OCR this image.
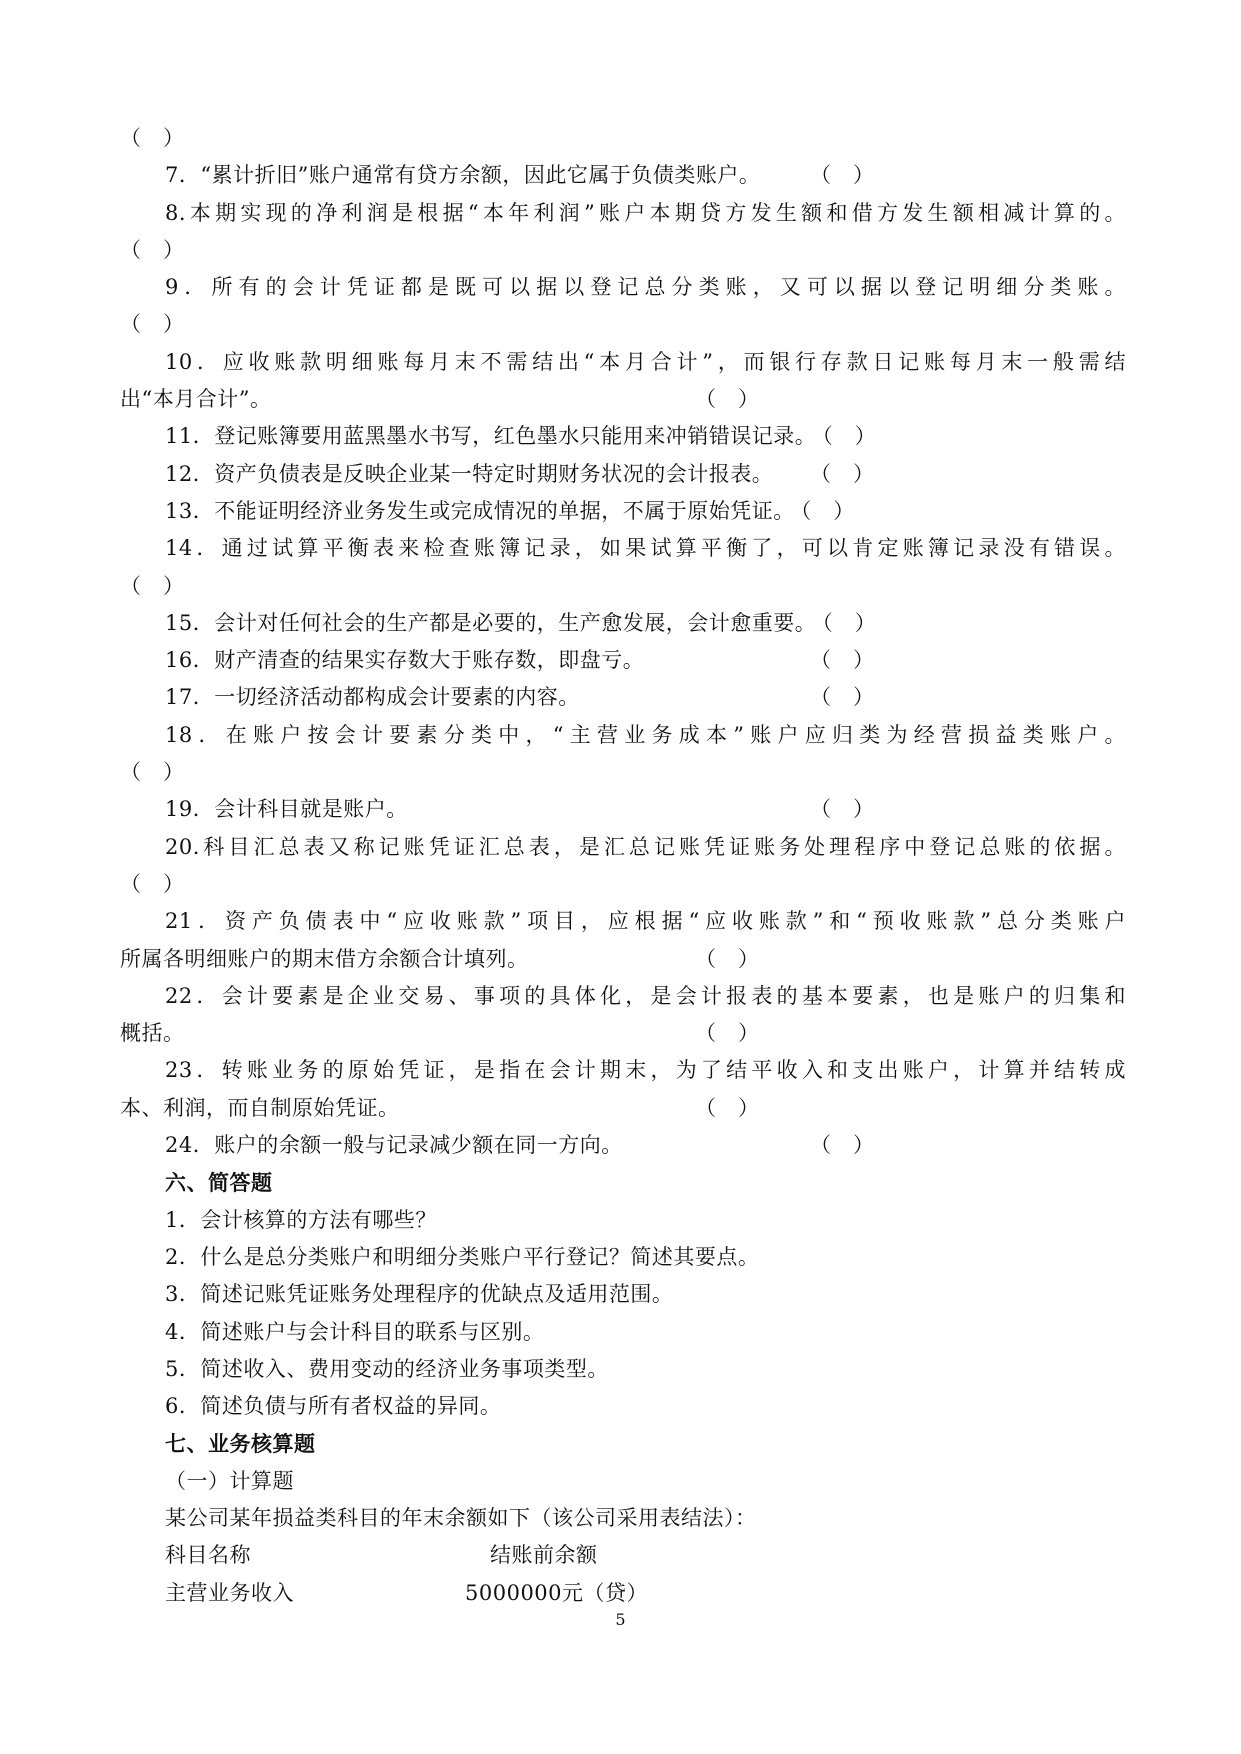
（　）
7．“累计折旧”账户通常有贷方余额，因此它属于负债类账户。 （　）
8.本期实现的净利润是根据“本年利润”账户本期贷方发生额和借方发生额相减计算的。
（　）
9．所有的会计凭证都是既可以据以登记总分类账，又可以据以登记明细分类账。
（　）
10．应收账款明细账每月末不需结出“本月合计”，而银行存款日记账每月末一般需结
出“本月合计”。	（　）
11．登记账簿要用蓝黑墨水书写，红色墨水只能用来冲销错误记录。 （　）
12．资产负债表是反映企业某一特定时期财务状况的会计报表。 （　）
13．不能证明经济业务发生或完成情况的单据，不属于原始凭证。 （　）
14．通过试算平衡表来检查账簿记录，如果试算平衡了，可以肯定账簿记录没有错误。
（　）
15．会计对任何社会的生产都是必要的，生产愈发展，会计愈重要。 （　）
16．财产清查的结果实存数大于账存数，即盘亏。	（　）
17．一切经济活动都构成会计要素的内容。	（　）
18．在账户按会计要素分类中，“主营业务成本”账户应归类为经营损益类账户。
（　）
19．会计科目就是账户。	（　）
20.科目汇总表又称记账凭证汇总表，是汇总记账凭证账务处理程序中登记总账的依据。
（　）
21．资产负债表中“应收账款”项目，应根据“应收账款”和“预收账款”总分类账户
所属各明细账户的期末借方余额合计填列。	（　）
22．会计要素是企业交易、事项的具体化，是会计报表的基本要素，也是账户的归集和
概括。	（　）
23．转账业务的原始凭证，是指在会计期末，为了结平收入和支出账户，计算并结转成
本、利润，而自制原始凭证。	（　）
24．账户的余额一般与记录减少额在同一方向。	（　）
六、简答题
1．会计核算的方法有哪些？
2．什么是总分类账户和明细分类账户平行登记？简述其要点。
3．简述记账凭证账务处理程序的优缺点及适用范围。
4．简述账户与会计科目的联系与区别。
5．简述收入、费用变动的经济业务事项类型。
6．简述负债与所有者权益的异同。
七、业务核算题
（一）计算题
某公司某年损益类科目的年末余额如下（该公司采用表结法）：
科目名称	结账前余额
主营业务收入	5000000元（贷）
5
